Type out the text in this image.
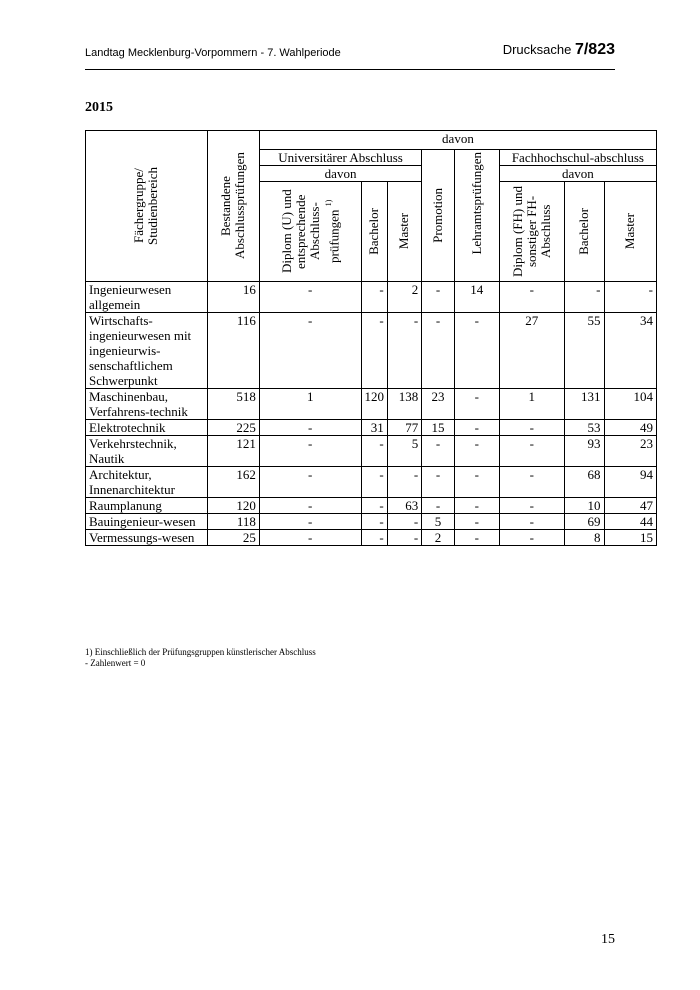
Landtag Mecklenburg-Vorpommern - 7. Wahlperiode	Drucksache 7/823
2015
Fächergruppe/ Studienbereich	Bestandene Abschlussprüfungen	davon							
		Universitärer Abschluss			Promotion	Lehramtsprüfungen	Fachhochschul-abschluss		
		davon					davon		

		Diplom (U) und entsprechende Abschluss-prüfungen $^{1)}$	Bachelor	Master			Diplom (FH) und sonstiger FH-Abschluss	Bachelor	Master

Ingenieurwesen allgemein	16	-	-	2	-	14	-	-	-
Wirtschafts-ingenieurwesen mit ingenieurwis-senschaftlichem Schwerpunkt	116	-	-	-	-	-	27	55	34
Maschinenbau, Verfahrens-technik	518	1	120	138	23	-	1	131	104
Elektrotechnik	225	-	31	77	15	-	-	53	49
Verkehrstechnik, Nautik	121	-	-	5	-	-	-	93	23
Architektur, Innenarchitektur	162	-	-	-	-	-	-	68	94
Raumplanung	120	-	-	63	-	-	-	10	47
Bauingenieur-wesen	118	-	-	-	5	-	-	69	44
Vermessungs-wesen	25	-	-	-	2	-	-	8	15
1) Einschließlich der Prüfungsgruppen künstlerischer Abschluss
- Zahlenwert = 0
15
